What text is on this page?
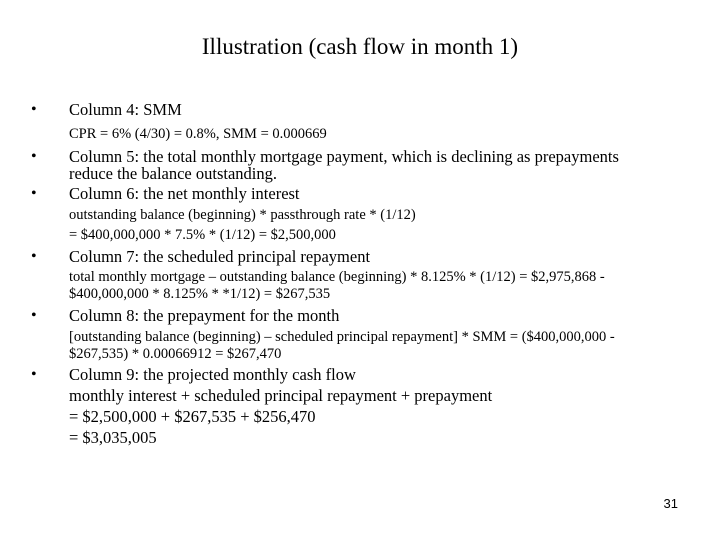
Illustration (cash flow in month 1)
• Column 4: SMM
CPR = 6% (4/30) = 0.8%, SMM = 0.000669
• Column 5: the total monthly mortgage payment, which is declining as prepayments
reduce the balance outstanding.
• Column 6: the net monthly interest
outstanding balance (beginning) * passthrough rate * (1/12)
= $400,000,000 * 7.5% * (1/12) = $2,500,000
• Column 7: the scheduled principal repayment
total monthly mortgage – outstanding balance (beginning) * 8.125% * (1/12) = $2,975,868 -
$400,000,000 * 8.125% * *1/12) = $267,535
• Column 8: the prepayment for the month
[outstanding balance (beginning) – scheduled principal repayment] * SMM = ($400,000,000 -
$267,535) * 0.00066912 = $267,470
• Column 9: the projected monthly cash flow
monthly interest + scheduled principal repayment + prepayment
= $2,500,000 + $267,535 + $256,470
= $3,035,005
31
